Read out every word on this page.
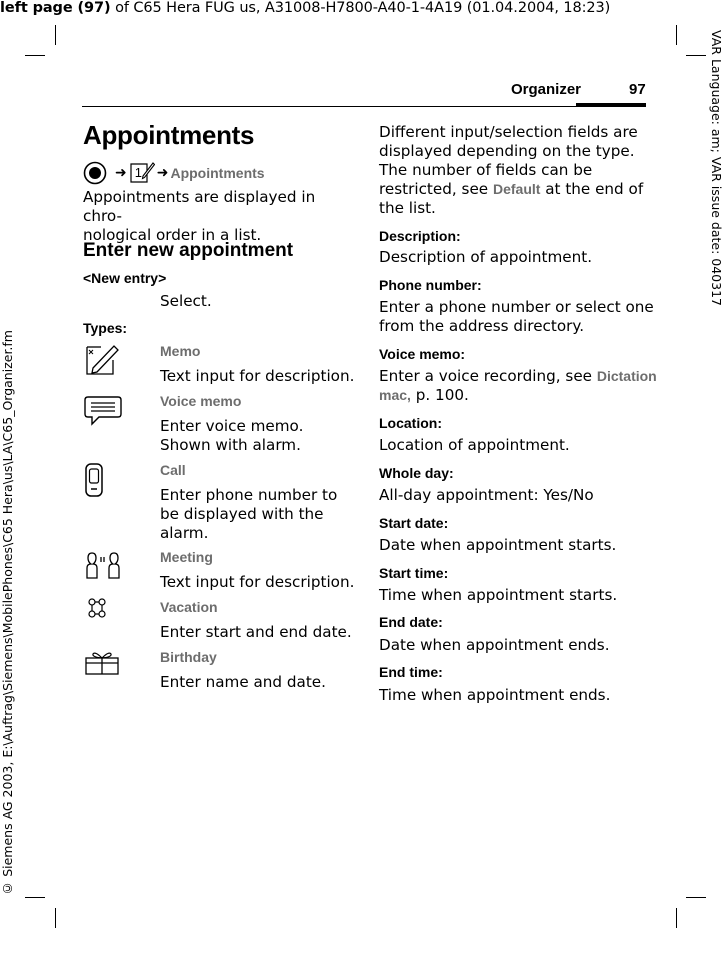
left page (97) of C65 Hera FUG us, A31008-H7800-A40-1-4A19 (01.04.2004, 18:23)
VAR Language: am; VAR issue date: 040317
© Siemens AG 2003, E:\Auftrag\Siemens\MobilePhones\C65 Hera\us\LA\C65_Organizer.fm
Organizer	97
Appointments
➜ 1 ➜ Appointments
Appointments are displayed in chro-
nological order in a list.
Enter new appointment
<New entry>
Select.
Types:
Memo
Text input for description.
Voice memo
Enter voice memo.
Shown with alarm.
Call
Enter phone number to
be displayed with the
alarm.
Meeting
Text input for description.
Vacation
Enter start and end date.
Birthday
Enter name and date.
Different input/selection fields are
displayed depending on the type.
The number of fields can be
restricted, see Default at the end of
the list.
Description:
Description of appointment.
Phone number:
Enter a phone number or select one
from the address directory.
Voice memo:
Enter a voice recording, see Dictation
mac, p. 100.
Location:
Location of appointment.
Whole day:
All-day appointment: Yes/No
Start date:
Date when appointment starts.
Start time:
Time when appointment starts.
End date:
Date when appointment ends.
End time:
Time when appointment ends.
